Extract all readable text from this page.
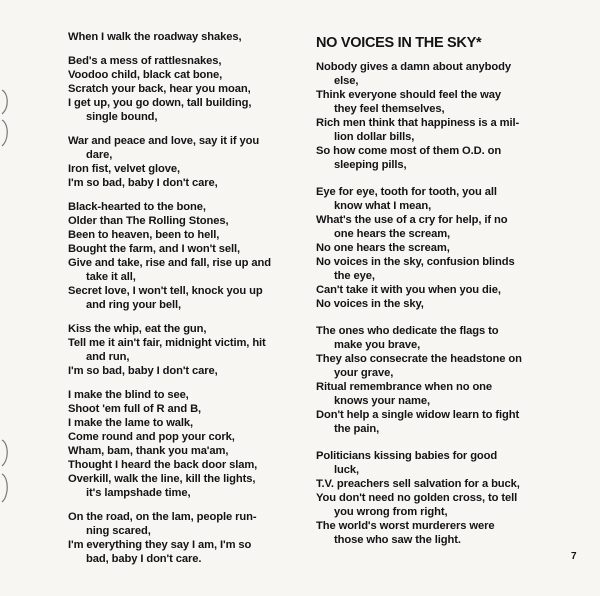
When I walk the roadway shakes,
Bed's a mess of rattlesnakes,
Voodoo child, black cat bone,
Scratch your back, hear you moan,
I get up, you go down, tall building,
single bound,
War and peace and love, say it if you
dare,
Iron fist, velvet glove,
I'm so bad, baby I don't care,
Black-hearted to the bone,
Older than The Rolling Stones,
Been to heaven, been to hell,
Bought the farm, and I won't sell,
Give and take, rise and fall, rise up and
take it all,
Secret love, I won't tell, knock you up
and ring your bell,
Kiss the whip, eat the gun,
Tell me it ain't fair, midnight victim, hit
and run,
I'm so bad, baby I don't care,
I make the blind to see,
Shoot 'em full of R and B,
I make the lame to walk,
Come round and pop your cork,
Wham, bam, thank you ma'am,
Thought I heard the back door slam,
Overkill, walk the line, kill the lights,
it's lampshade time,
On the road, on the lam, people run-
ning scared,
I'm everything they say I am, I'm so
bad, baby I don't care.
NO VOICES IN THE SKY*
Nobody gives a damn about anybody
else,
Think everyone should feel the way
they feel themselves,
Rich men think that happiness is a mil-
lion dollar bills,
So how come most of them O.D. on
sleeping pills,
Eye for eye, tooth for tooth, you all
know what I mean,
What's the use of a cry for help, if no
one hears the scream,
No one hears the scream,
No voices in the sky, confusion blinds
the eye,
Can't take it with you when you die,
No voices in the sky,
The ones who dedicate the flags to
make you brave,
They also consecrate the headstone on
your grave,
Ritual remembrance when no one
knows your name,
Don't help a single widow learn to fight
the pain,
Politicians kissing babies for good
luck,
T.V. preachers sell salvation for a buck,
You don't need no golden cross, to tell
you wrong from right,
The world's worst murderers were
those who saw the light.
7
